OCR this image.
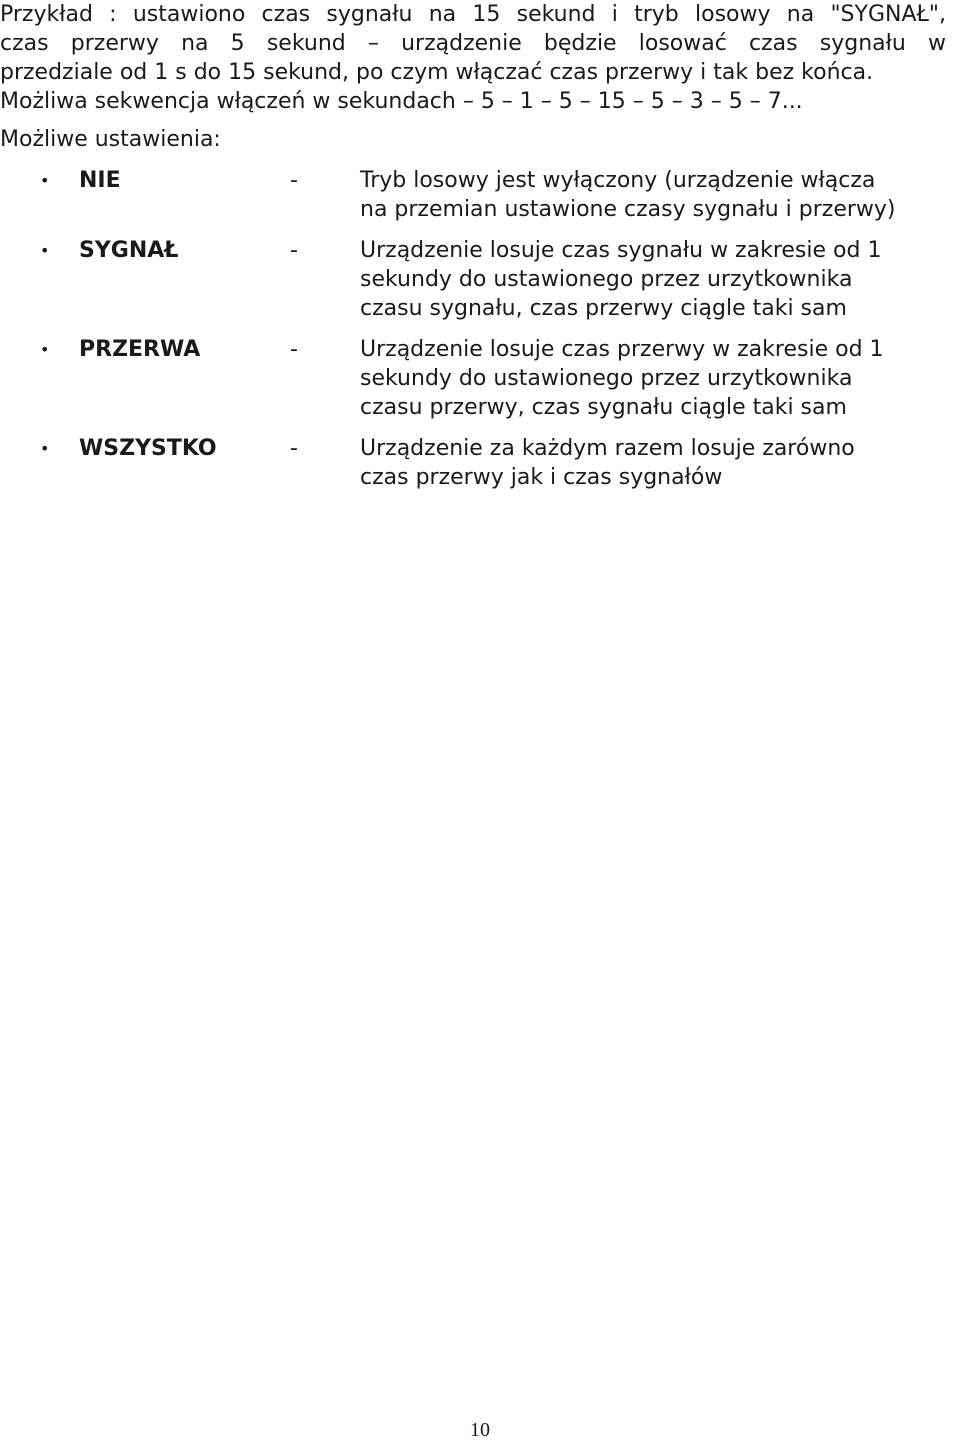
Przykład : ustawiono czas sygnału na 15 sekund i tryb losowy na "SYGNAŁ",

czas przerwy na 5 sekund – urządzenie będzie losować czas sygnału w

przedziale od 1 s do 15 sekund, po czym włączać czas przerwy i tak bez końca.

Możliwa sekwencja włączeń w sekundach – 5 – 1 – 5 – 15 – 5 – 3 – 5 – 7...

Możliwe ustawienia:
• NIE	-	Tryb losowy jest wyłączony (urządzenie włącza
na przemian ustawione czasy sygnału i przerwy)
• SYGNAŁ	-	Urządzenie losuje czas sygnału w zakresie od 1
sekundy do ustawionego przez urzytkownika
czasu sygnału, czas przerwy ciągle taki sam
• PRZERWA	-	Urządzenie losuje czas przerwy w zakresie od 1
sekundy do ustawionego przez urzytkownika
czasu przerwy, czas sygnału ciągle taki sam
• WSZYSTKO	-	Urządzenie za każdym razem losuje zarówno
czas przerwy jak i czas sygnałów
10
